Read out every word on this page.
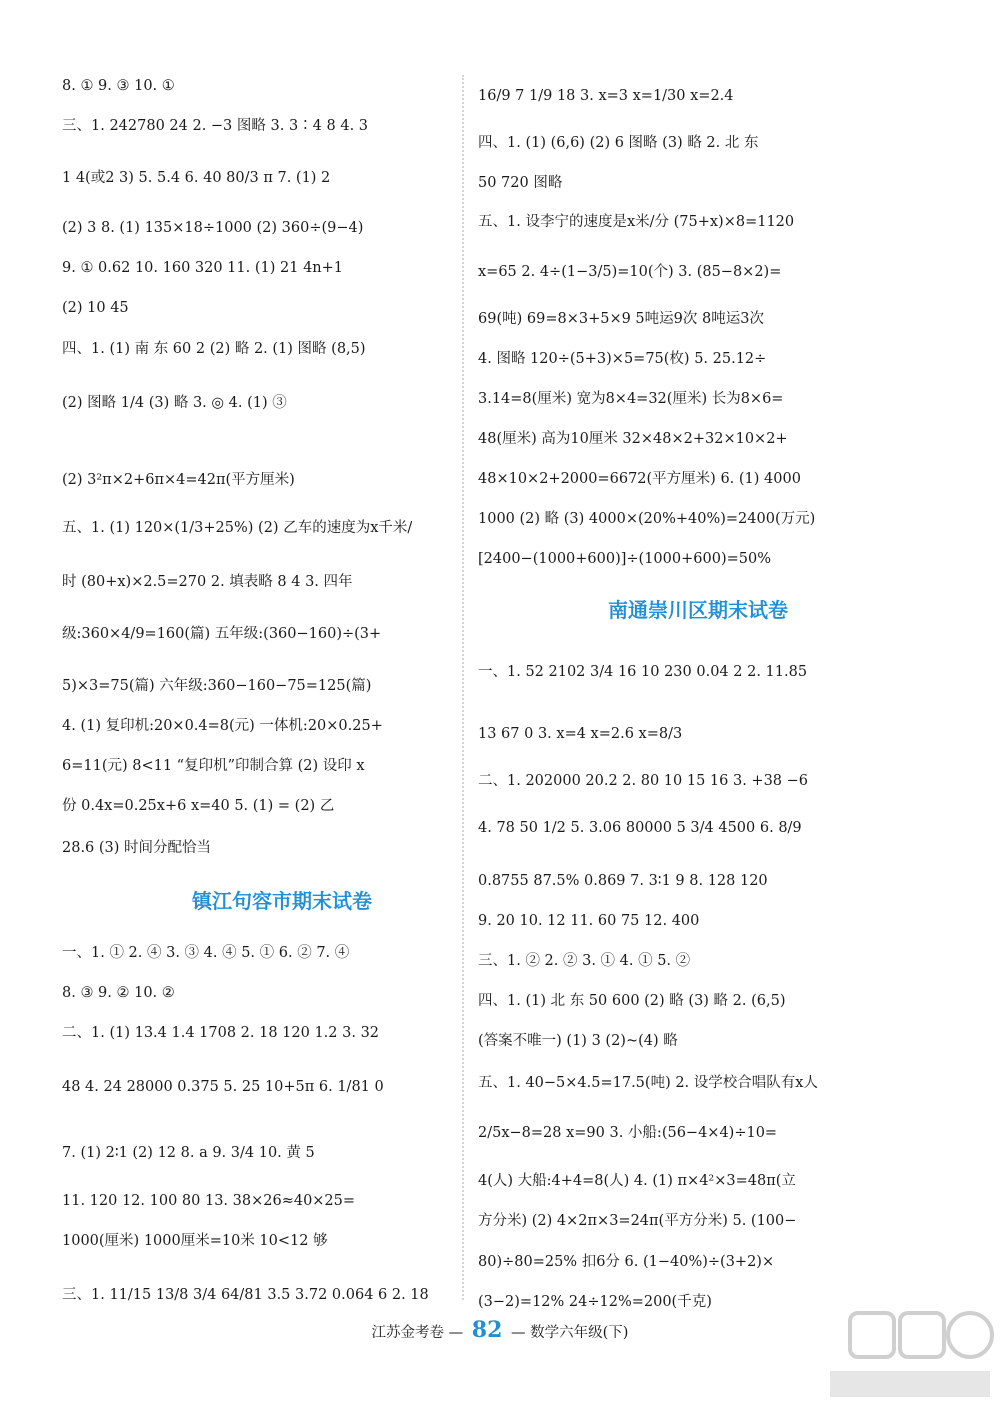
8. ① 9. ③ 10. ①
三、1. 242780 24 2. −3 图略 3. 3∶4 8 4. 3
1 4(或2 3) 5. 5.4 6. 40 80/3 π 7. (1) 2
(2) 3 8. (1) 135×18÷1000 (2) 360÷(9−4)
9. ① 0.62 10. 160 320 11. (1) 21 4n+1
(2) 10 45
四、1. (1) 南 东 60 2 (2) 略 2. (1) 图略 (8,5)
(2) 图略 1/4 (3) 略 3. ◎ 4. (1) ③
(2) 3²π×2+6π×4=42π(平方厘米)
五、1. (1) 120×(1/3+25%) (2) 乙车的速度为x千米/
时 (80+x)×2.5=270 2. 填表略 8 4 3. 四年
级:360×4/9=160(篇) 五年级:(360−160)÷(3+
5)×3=75(篇) 六年级:360−160−75=125(篇)
4. (1) 复印机:20×0.4=8(元) 一体机:20×0.25+
6=11(元) 8<11 “复印机”印制合算 (2) 设印 x
份 0.4x=0.25x+6 x=40 5. (1) = (2) 乙
28.6 (3) 时间分配恰当
镇江句容市期末试卷
一、1. ① 2. ④ 3. ③ 4. ④ 5. ① 6. ② 7. ④
8. ③ 9. ② 10. ②
二、1. (1) 13.4 1.4 1708 2. 18 120 1.2 3. 32
48 4. 24 28000 0.375 5. 25 10+5π 6. 1/81 0
7. (1) 2∶1 (2) 12 8. a 9. 3/4 10. 黄 5
11. 120 12. 100 80 13. 38×26≈40×25=
1000(厘米) 1000厘米=10米 10<12 够
三、1. 11/15 13/8 3/4 64/81 3.5 3.72 0.064 6 2. 18
16/9 7 1/9 18 3. x=3 x=1/30 x=2.4
四、1. (1) (6,6) (2) 6 图略 (3) 略 2. 北 东
50 720 图略
五、1. 设李宁的速度是x米/分 (75+x)×8=1120
x=65 2. 4÷(1−3/5)=10(个) 3. (85−8×2)=
69(吨) 69=8×3+5×9 5吨运9次 8吨运3次
4. 图略 120÷(5+3)×5=75(枚) 5. 25.12÷
3.14=8(厘米) 宽为8×4=32(厘米) 长为8×6=
48(厘米) 高为10厘米 32×48×2+32×10×2+
48×10×2+2000=6672(平方厘米) 6. (1) 4000
1000 (2) 略 (3) 4000×(20%+40%)=2400(万元)
[2400−(1000+600)]÷(1000+600)=50%
南通崇川区期末试卷
一、1. 52 2102 3/4 16 10 230 0.04 2 2. 11.85
13 67 0 3. x=4 x=2.6 x=8/3
二、1. 202000 20.2 2. 80 10 15 16 3. +38 −6
4. 78 50 1/2 5. 3.06 80000 5 3/4 4500 6. 8/9
0.8755 87.5% 0.869 7. 3∶1 9 8. 128 120
9. 20 10. 12 11. 60 75 12. 400
三、1. ② 2. ② 3. ① 4. ① 5. ②
四、1. (1) 北 东 50 600 (2) 略 (3) 略 2. (6,5)
(答案不唯一) (1) 3 (2)~(4) 略
五、1. 40−5×4.5=17.5(吨) 2. 设学校合唱队有x人
2/5x−8=28 x=90 3. 小船:(56−4×4)÷10=
4(人) 大船:4+4=8(人) 4. (1) π×4²×3=48π(立
方分米) (2) 4×2π×3=24π(平方分米) 5. (100−
80)÷80=25% 扣6分 6. (1−40%)÷(3+2)×
(3−2)=12% 24÷12%=200(千克)
江苏金考卷 — 82 — 数学六年级(下)
